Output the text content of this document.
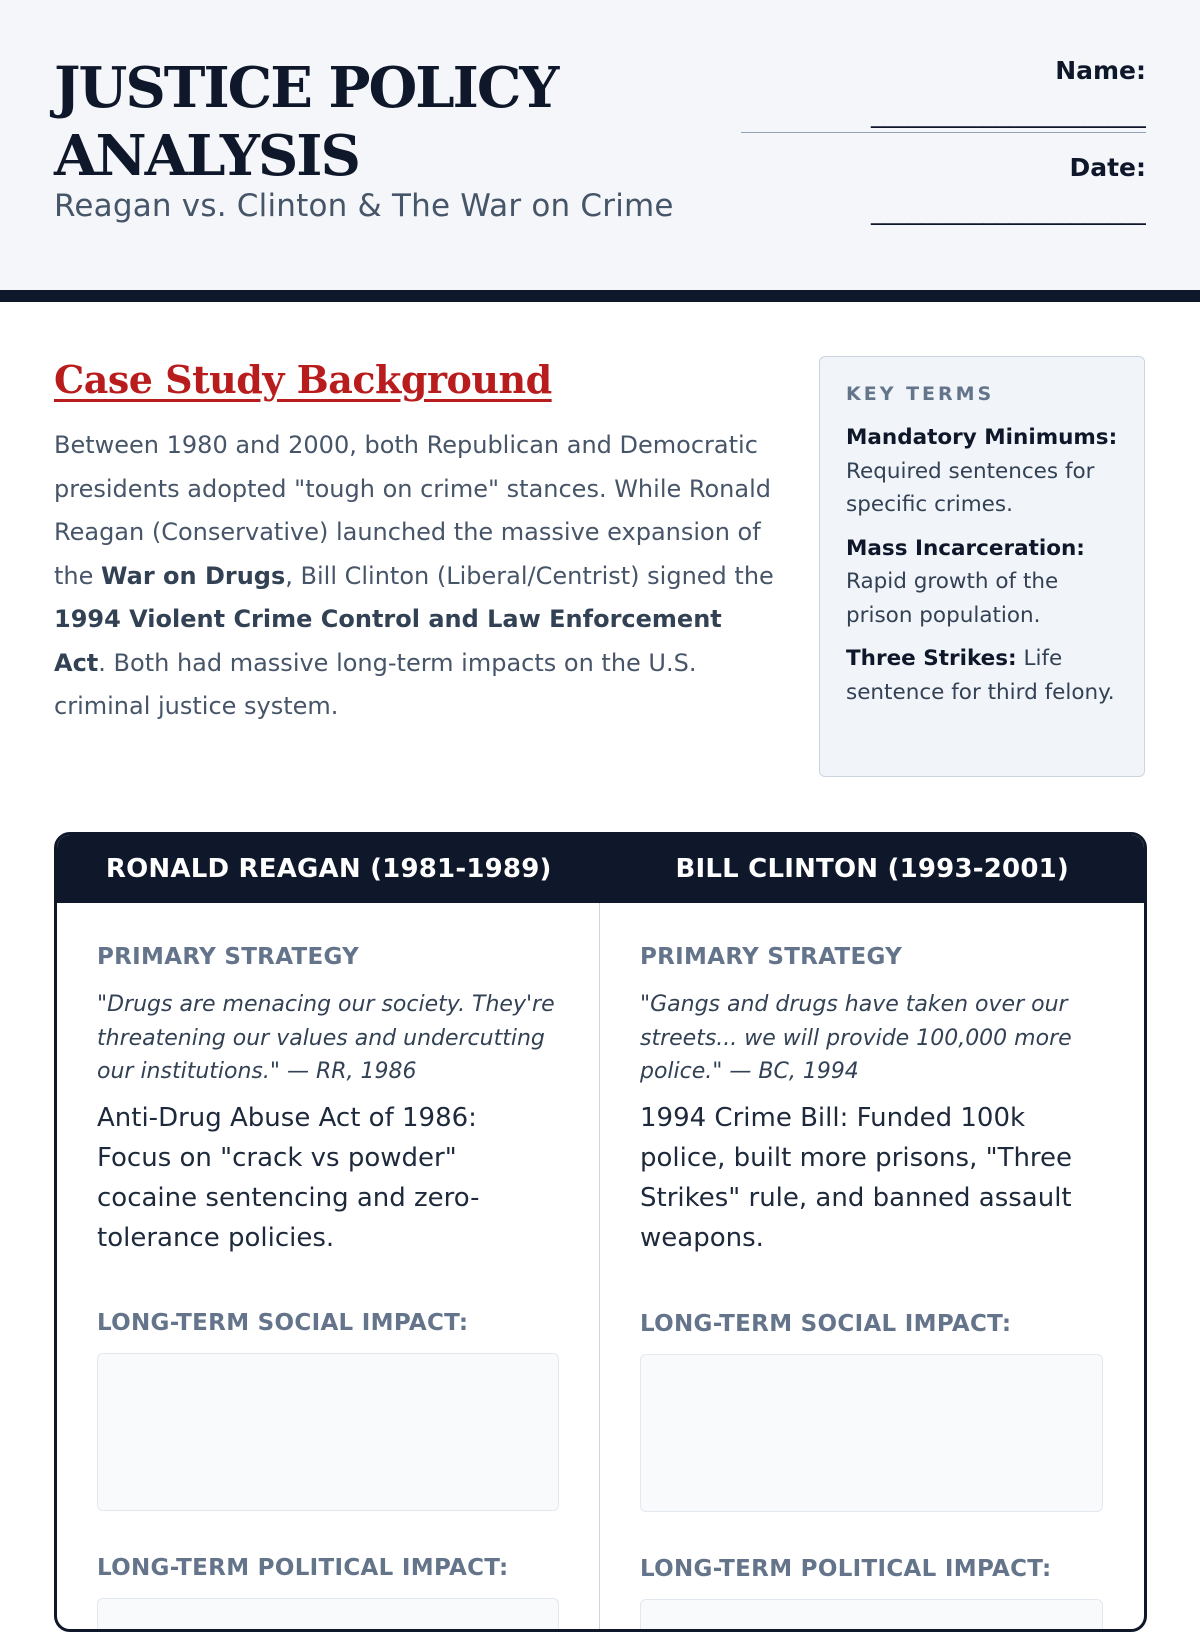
JUSTICE POLICY
ANALYSIS
Reagan vs. Clinton & The War on Crime
Name:
______________________
Date:
______________________
Case Study Background
Between 1980 and 2000, both Republican and Democratic presidents adopted "tough on crime" stances. While Ronald Reagan (Conservative) launched the massive expansion of the War on Drugs, Bill Clinton (Liberal/Centrist) signed the 1994 Violent Crime Control and Law Enforcement Act. Both had massive long-term impacts on the U.S. criminal justice system.
KEY TERMS
Mandatory Minimums: Required sentences for specific crimes.
Mass Incarceration: Rapid growth of the prison population.
Three Strikes: Life sentence for third felony.
RONALD REAGAN (1981-1989)	BILL CLINTON (1993-2001)
PRIMARY STRATEGY
"Drugs are menacing our society. They're threatening our values and undercutting our institutions." — RR, 1986
Anti-Drug Abuse Act of 1986: Focus on "crack vs powder" cocaine sentencing and zero-tolerance policies.
LONG-TERM SOCIAL IMPACT:
LONG-TERM POLITICAL IMPACT:
PRIMARY STRATEGY
"Gangs and drugs have taken over our streets... we will provide 100,000 more police." — BC, 1994
1994 Crime Bill: Funded 100k police, built more prisons, "Three Strikes" rule, and banned assault weapons.
LONG-TERM SOCIAL IMPACT:
LONG-TERM POLITICAL IMPACT:
